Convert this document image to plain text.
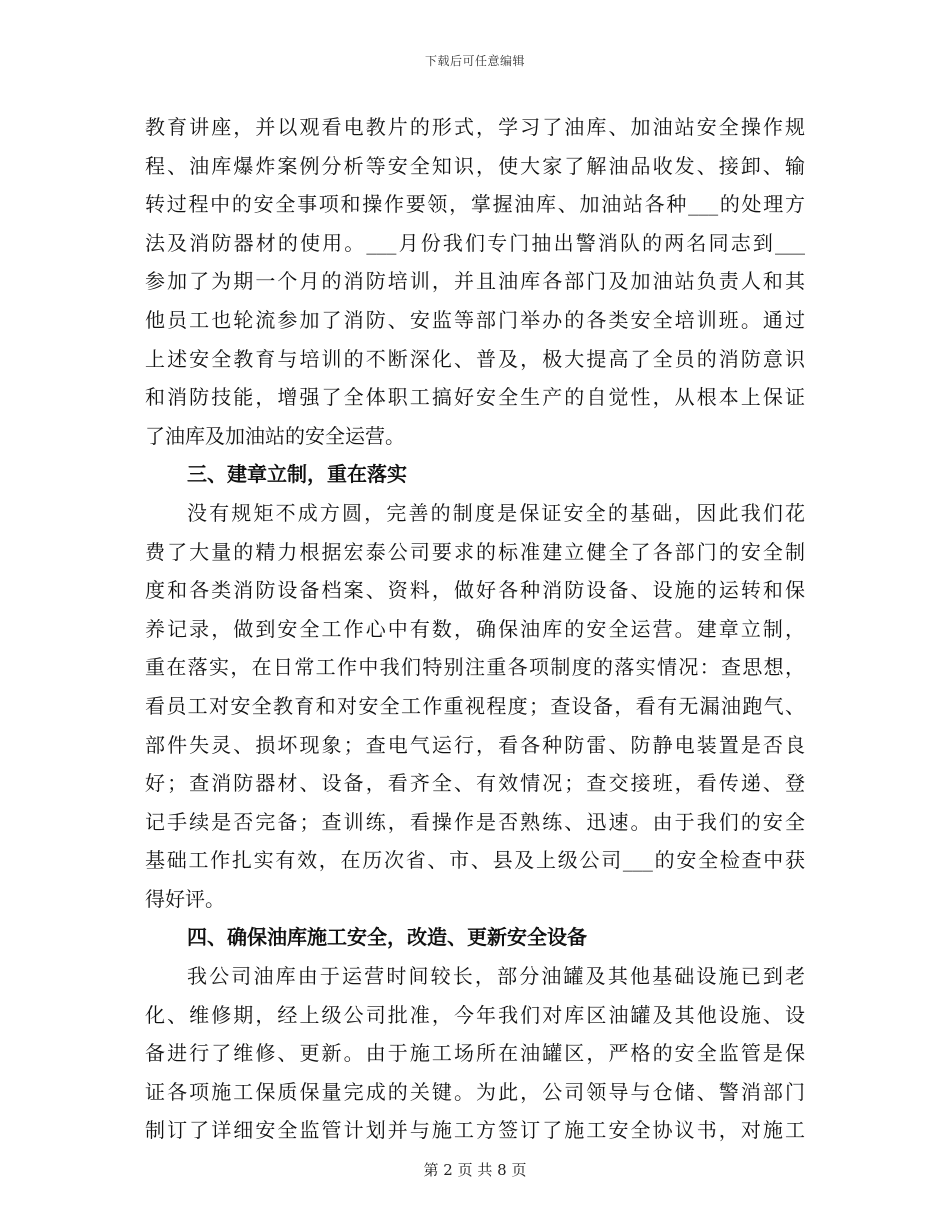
下载后可任意编辑
教育讲座，并以观看电教片的形式，学习了油库、加油站安全操作规
程、油库爆炸案例分析等安全知识，使大家了解油品收发、接卸、输
转过程中的安全事项和操作要领，掌握油库、加油站各种___的处理方
法及消防器材的使用。___月份我们专门抽出警消队的两名同志到___
参加了为期一个月的消防培训，并且油库各部门及加油站负责人和其
他员工也轮流参加了消防、安监等部门举办的各类安全培训班。通过
上述安全教育与培训的不断深化、普及，极大提高了全员的消防意识
和消防技能，增强了全体职工搞好安全生产的自觉性，从根本上保证
了油库及加油站的安全运营。
三、建章立制，重在落实
没有规矩不成方圆，完善的制度是保证安全的基础，因此我们花
费了大量的精力根据宏泰公司要求的标准建立健全了各部门的安全制
度和各类消防设备档案、资料，做好各种消防设备、设施的运转和保
养记录，做到安全工作心中有数，确保油库的安全运营。建章立制，
重在落实，在日常工作中我们特别注重各项制度的落实情况：查思想，
看员工对安全教育和对安全工作重视程度；查设备，看有无漏油跑气、
部件失灵、损坏现象；查电气运行，看各种防雷、防静电装置是否良
好；查消防器材、设备，看齐全、有效情况；查交接班，看传递、登
记手续是否完备；查训练，看操作是否熟练、迅速。由于我们的安全
基础工作扎实有效，在历次省、市、县及上级公司___的安全检查中获
得好评。
四、确保油库施工安全，改造、更新安全设备
我公司油库由于运营时间较长，部分油罐及其他基础设施已到老
化、维修期，经上级公司批准，今年我们对库区油罐及其他设施、设
备进行了维修、更新。由于施工场所在油罐区，严格的安全监管是保
证各项施工保质保量完成的关键。为此，公司领导与仓储、警消部门
制订了详细安全监管计划并与施工方签订了施工安全协议书，对施工
第 2 页 共 8 页
